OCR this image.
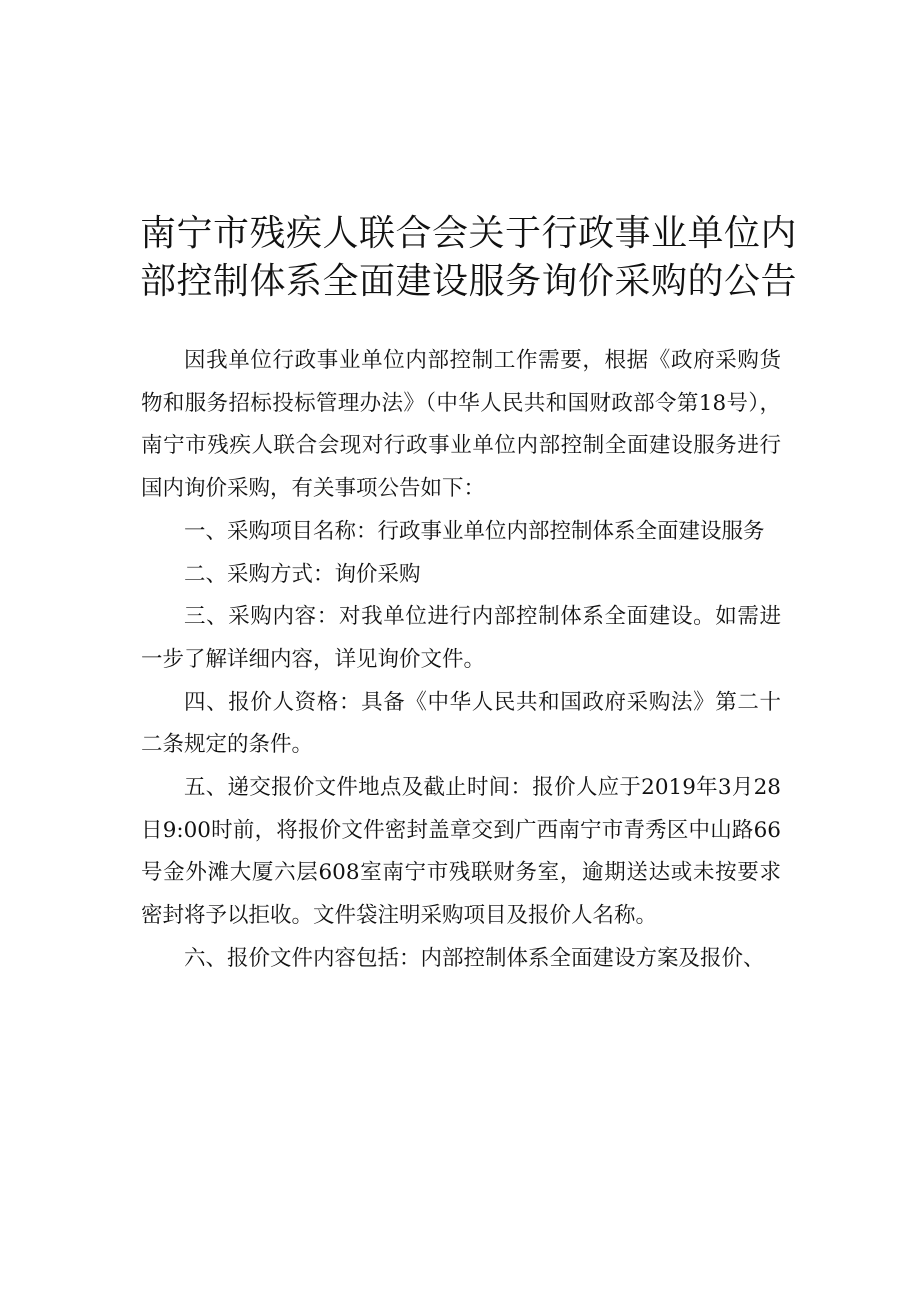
南宁市残疾人联合会关于行政事业单位内
部控制体系全面建设服务询价采购的公告

因我单位行政事业单位内部控制工作需要，根据《政府采购货物和服务招标投标管理办法》（中华人民共和国财政部令第18号），南宁市残疾人联合会现对行政事业单位内部控制全面建设服务进行国内询价采购，有关事项公告如下：

一、采购项目名称：行政事业单位内部控制体系全面建设服务

二、采购方式：询价采购

三、采购内容：对我单位进行内部控制体系全面建设。如需进一步了解详细内容，详见询价文件。

四、报价人资格：具备《中华人民共和国政府采购法》第二十二条规定的条件。

五、递交报价文件地点及截止时间：报价人应于2019年3月28日9:00时前，将报价文件密封盖章交到广西南宁市青秀区中山路66号金外滩大厦六层608室南宁市残联财务室，逾期送达或未按要求密封将予以拒收。文件袋注明采购项目及报价人名称。

六、报价文件内容包括：内部控制体系全面建设方案及报价、
